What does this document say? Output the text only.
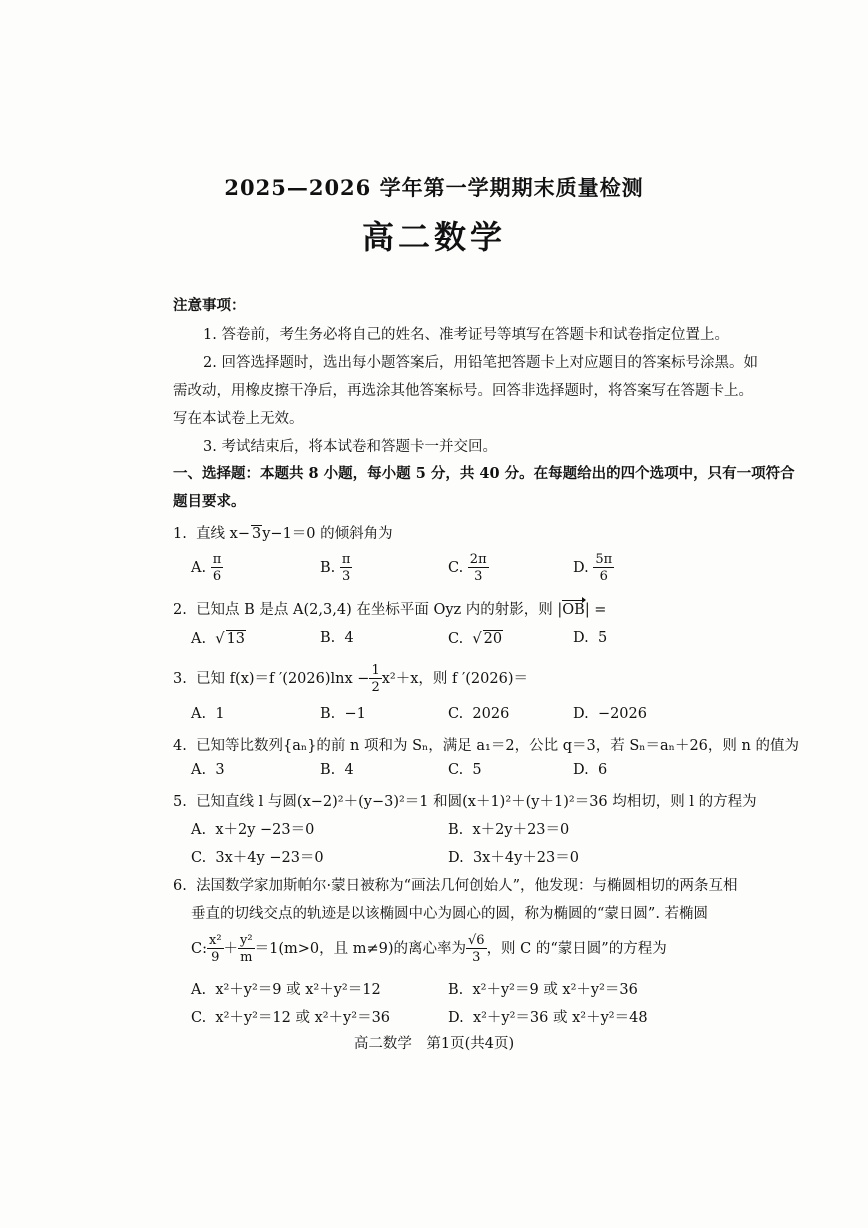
2025—2026 学年第一学期期末质量检测
高二数学
注意事项：
1. 答卷前，考生务必将自己的姓名、准考证号等填写在答题卡和试卷指定位置上。
2. 回答选择题时，选出每小题答案后，用铅笔把答题卡上对应题目的答案标号涂黑。如
需改动，用橡皮擦干净后，再选涂其他答案标号。回答非选择题时，将答案写在答题卡上。
写在本试卷上无效。
3. 考试结束后，将本试卷和答题卡一并交回。
一、选择题：本题共 8 小题，每小题 5 分，共 40 分。在每题给出的四个选项中，只有一项符合
题目要求。
1. 直线 x− 3y−1＝0 的倾斜角为
A. $\frac{\pi}{6}$	B. $\frac{\pi}{3}$	C. $\frac{2\pi}{3}$	D. $\frac{5\pi}{6}$
2. 已知点 B 是点 A(2,3,4) 在坐标平面 Oyz 内的射影，则 |OB| =
A.  √ 13	B. 4	C.  √ 20	D. 5
3. 已知 f(x)＝f $'(2026)\ln x - \frac{1}{2} x^2+x$，则 f ′(2026)＝
A. 1	B. −1	C. 2026	D. −2026
4. 已知等比数列{aₙ}的前 n 项和为 Sₙ，满足 a₁＝2，公比 q＝3，若 Sₙ＝aₙ＋26，则 n 的值为
A. 3	B. 4	C. 5	D. 6
5. 已知直线 l 与圆(x−2)²＋(y−3)²＝1 和圆(x＋1)²＋(y＋1)²＝36 均相切，则 l 的方程为
A. x＋2y −23＝0	B. x＋2y＋23＝0
C. 3x＋4y −23＝0	D. 3x＋4y＋23＝0
6. 法国数学家加斯帕尔·蒙日被称为“画法几何创始人”，他发现：与椭圆相切的两条互相
垂直的切线交点的轨迹是以该椭圆中心为圆心的圆，称为椭圆的“蒙日圆”. 若椭圆
C: $\frac{\text{x²}}{9} + \frac{\text{y²}}{m} =1(m>0$，且 m≠9)的离心率为 $\frac{√6}{3}$ ，则 C 的“蒙日圆”的方程为
A. x²＋y²＝9 或 x²＋y²＝12	B. x²＋y²＝9 或 x²＋y²＝36
C. x²＋y²＝12 或 x²＋y²＝36	D. x²＋y²＝36 或 x²＋y²＝48
高二数学　第1页(共4页)
